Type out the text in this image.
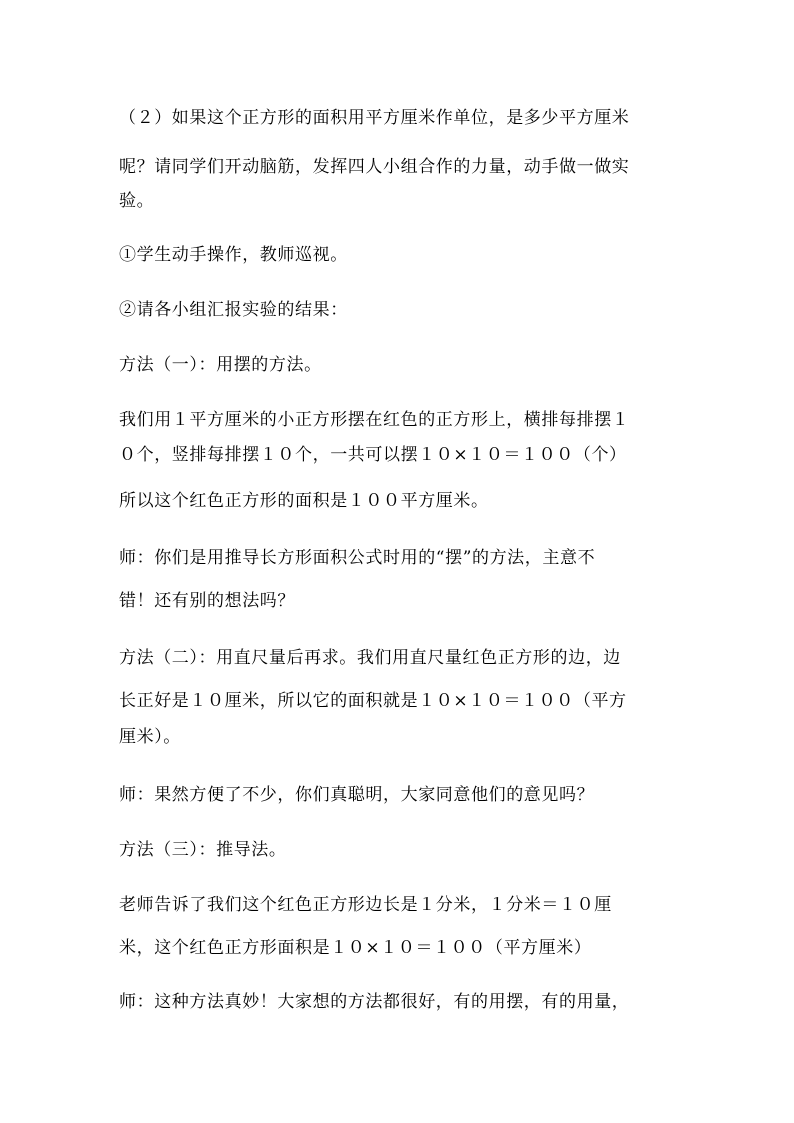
（２）如果这个正方形的面积用平方厘米作单位，是多少平方厘米
呢？请同学们开动脑筋，发挥四人小组合作的力量，动手做一做实
验。
①学生动手操作，教师巡视。
②请各小组汇报实验的结果：
方法（一）：用摆的方法。
我们用１平方厘米的小正方形摆在红色的正方形上，横排每排摆１
０个，竖排每排摆１０个，一共可以摆１０×１０＝１００（个）
所以这个红色正方形的面积是１００平方厘米。
师：你们是用推导长方形面积公式时用的“摆”的方法，主意不
错！还有别的想法吗？
方法（二）：用直尺量后再求。我们用直尺量红色正方形的边，边
长正好是１０厘米，所以它的面积就是１０×１０＝１００（平方
厘米）。
师：果然方便了不少，你们真聪明，大家同意他们的意见吗？
方法（三）：推导法。
老师告诉了我们这个红色正方形边长是１分米，１分米＝１０厘
米，这个红色正方形面积是１０×１０＝１００（平方厘米）
师：这种方法真妙！大家想的方法都很好，有的用摆，有的用量，
